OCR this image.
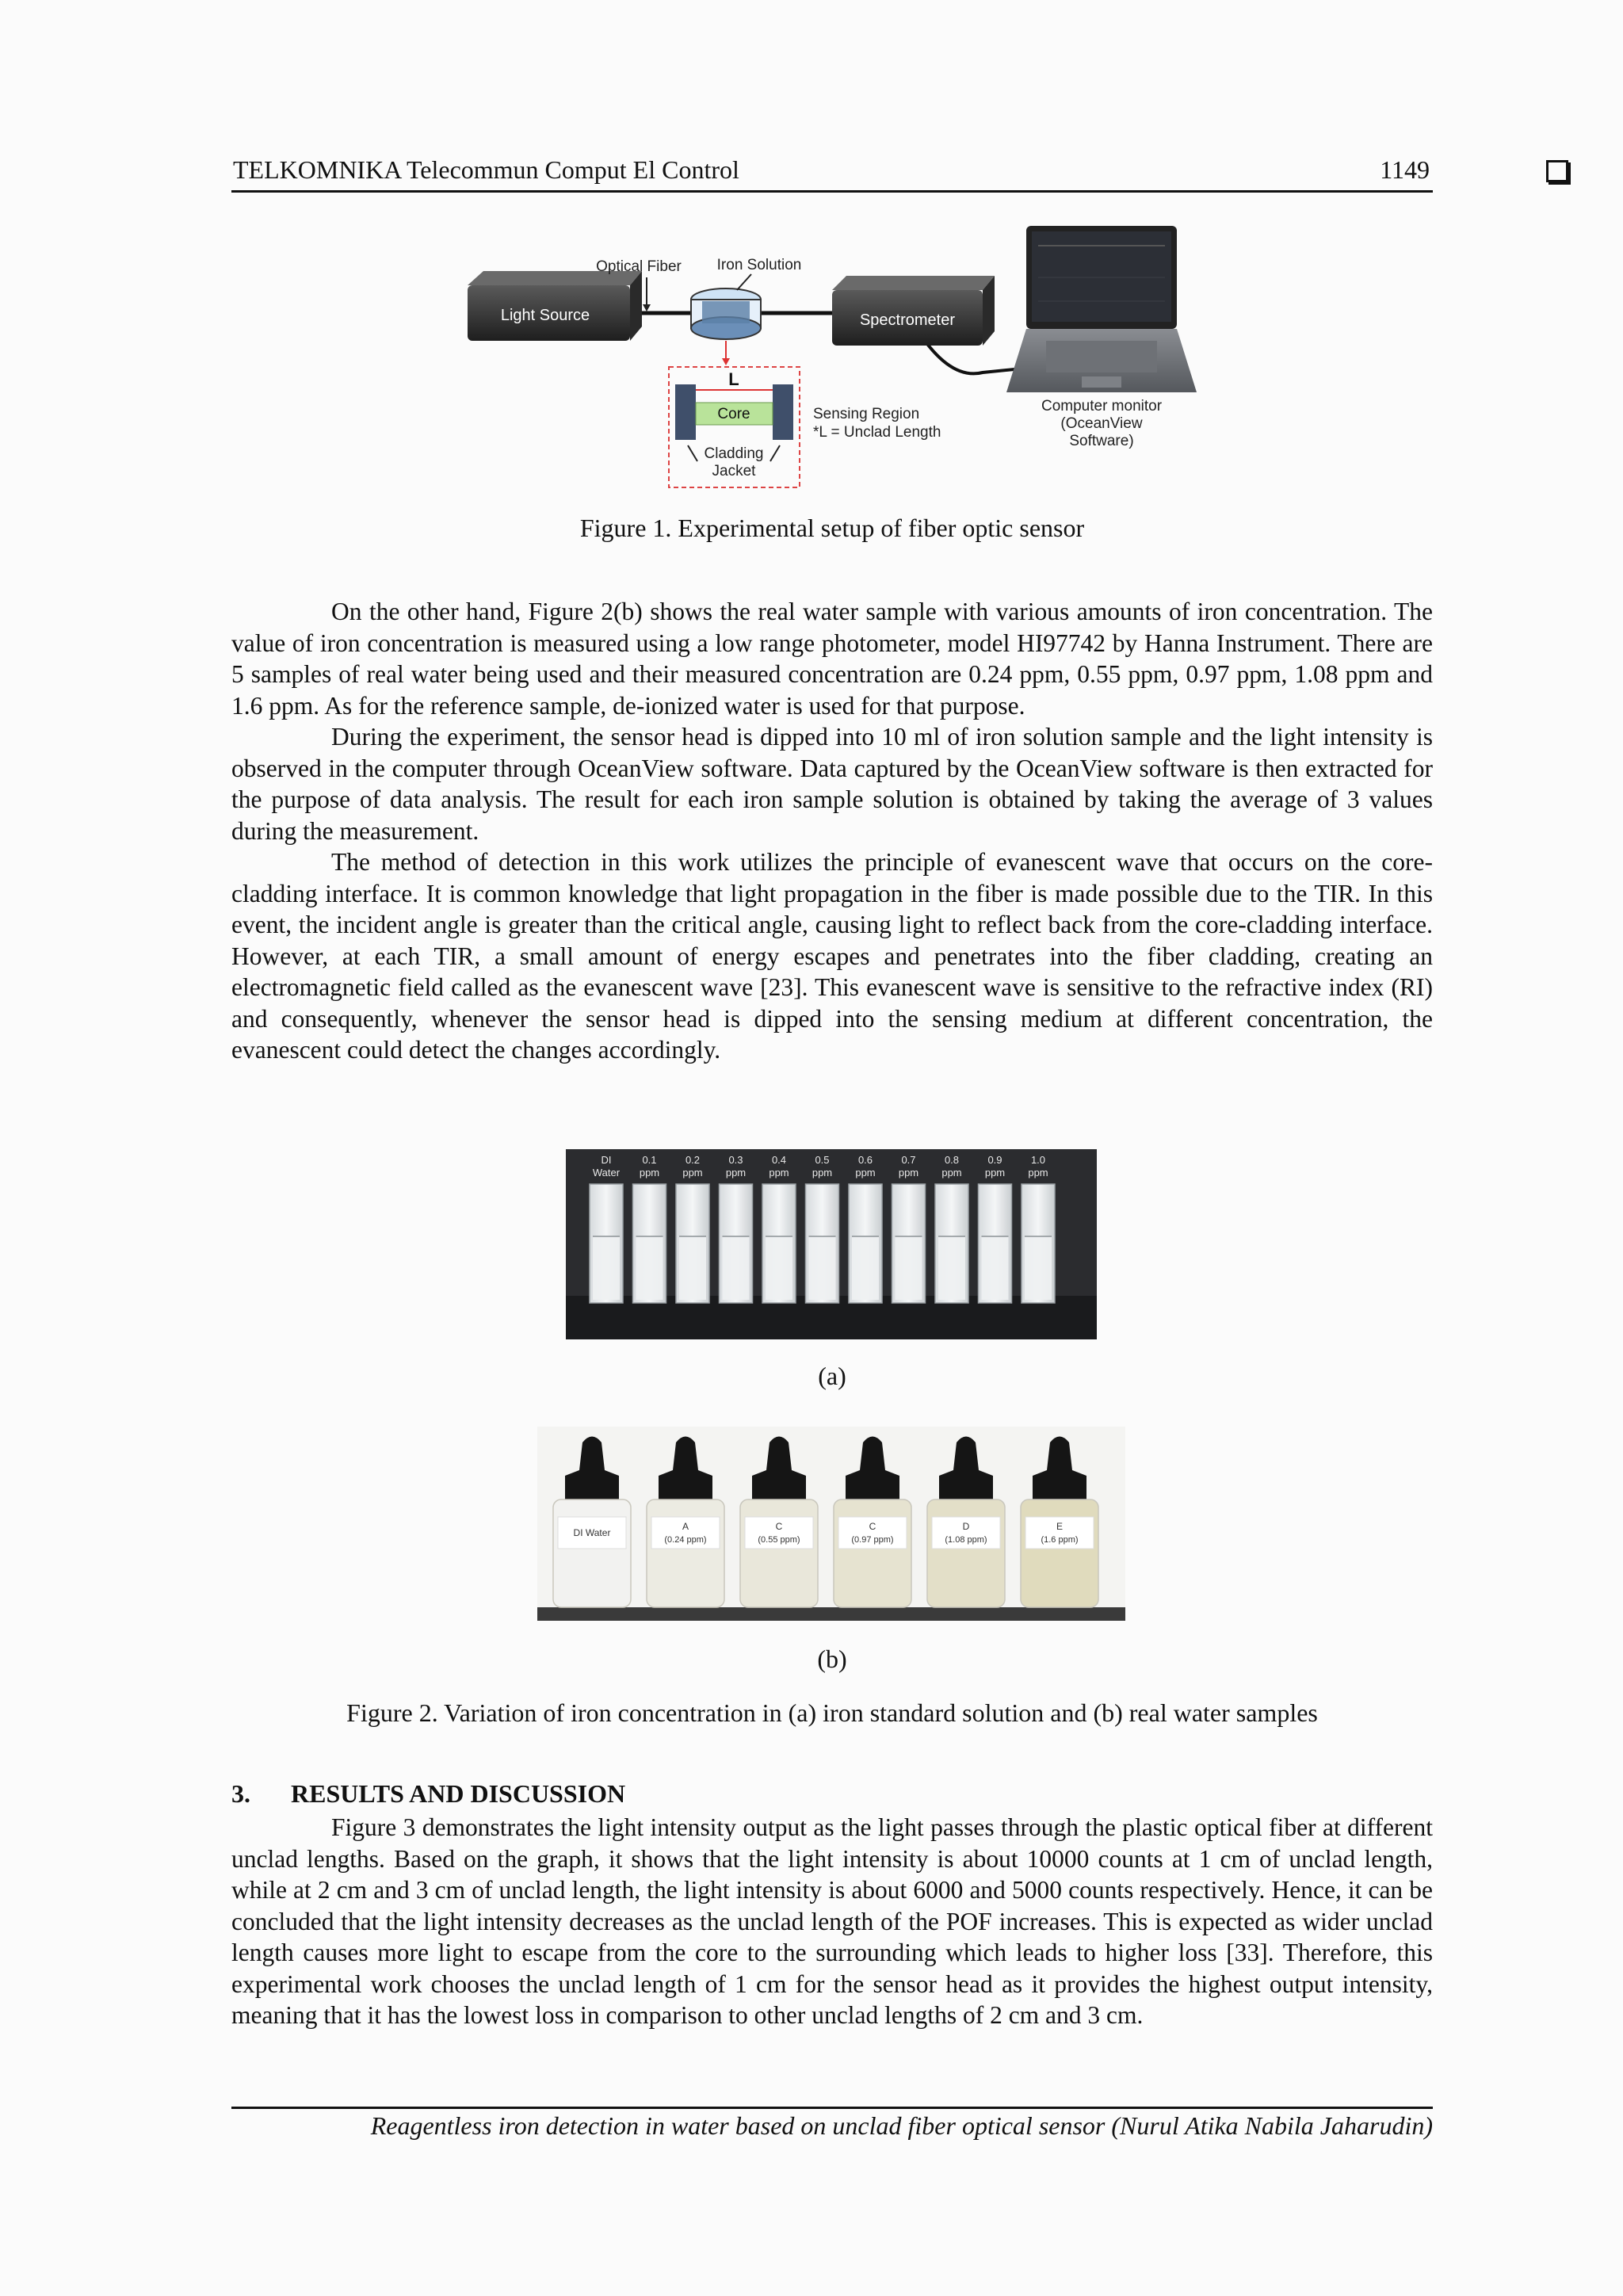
TELKOMNIKA Telecommun Comput El Control	1149
Light Source	Spectrometer
Optical Fiber Iron Solution
L
Core
Cladding
Jacket
Sensing Region
*L = Unclad Length
Computer monitor
(OceanView
Software)
Figure 1. Experimental setup of fiber optic sensor

On the other hand, Figure 2(b) shows the real water sample with various amounts of iron concentration. The value of iron concentration is measured using a low range photometer, model HI97742 by Hanna Instrument. There are 5 samples of real water being used and their measured concentration are 0.24 ppm, 0.55 ppm, 0.97 ppm, 1.08 ppm and 1.6 ppm. As for the reference sample, de-ionized water is used for that purpose.

During the experiment, the sensor head is dipped into 10 ml of iron solution sample and the light intensity is observed in the computer through OceanView software. Data captured by the OceanView software is then extracted for the purpose of data analysis. The result for each iron sample solution is obtained by taking the average of 3 values during the measurement.

The method of detection in this work utilizes the principle of evanescent wave that occurs on the core-cladding interface. It is common knowledge that light propagation in the fiber is made possible due to the TIR. In this event, the incident angle is greater than the critical angle, causing light to reflect back from the core-cladding interface. However, at each TIR, a small amount of energy escapes and penetrates into the fiber cladding, creating an electromagnetic field called as the evanescent wave [23]. This evanescent wave is sensitive to the refractive index (RI) and consequently, whenever the sensor head is dipped into the sensing medium at different concentration, the evanescent could detect the changes accordingly.

DI
Water
0.1
ppm
0.2
ppm
0.3
ppm
0.4
ppm
0.5
ppm
0.6
ppm
0.7
ppm
0.8
ppm
0.9
ppm
1.0
ppm
(a)
DI Water
A
(0.24 ppm)
C
(0.55 ppm)
C
(0.97 ppm)
D
(1.08 ppm)
E
(1.6 ppm)
(b)
Figure 2. Variation of iron concentration in (a) iron standard solution and (b) real water samples
3. RESULTS AND DISCUSSION

Figure 3 demonstrates the light intensity output as the light passes through the plastic optical fiber at different unclad lengths. Based on the graph, it shows that the light intensity is about 10000 counts at 1 cm of unclad length, while at 2 cm and 3 cm of unclad length, the light intensity is about 6000 and 5000 counts respectively. Hence, it can be concluded that the light intensity decreases as the unclad length of the POF increases. This is expected as wider unclad length causes more light to escape from the core to the surrounding which leads to higher loss [33]. Therefore, this experimental work chooses the unclad length of 1 cm for the sensor head as it provides the highest output intensity, meaning that it has the lowest loss in comparison to other unclad lengths of 2 cm and 3 cm.

Reagentless iron detection in water based on unclad fiber optical sensor (Nurul Atika Nabila Jaharudin)
